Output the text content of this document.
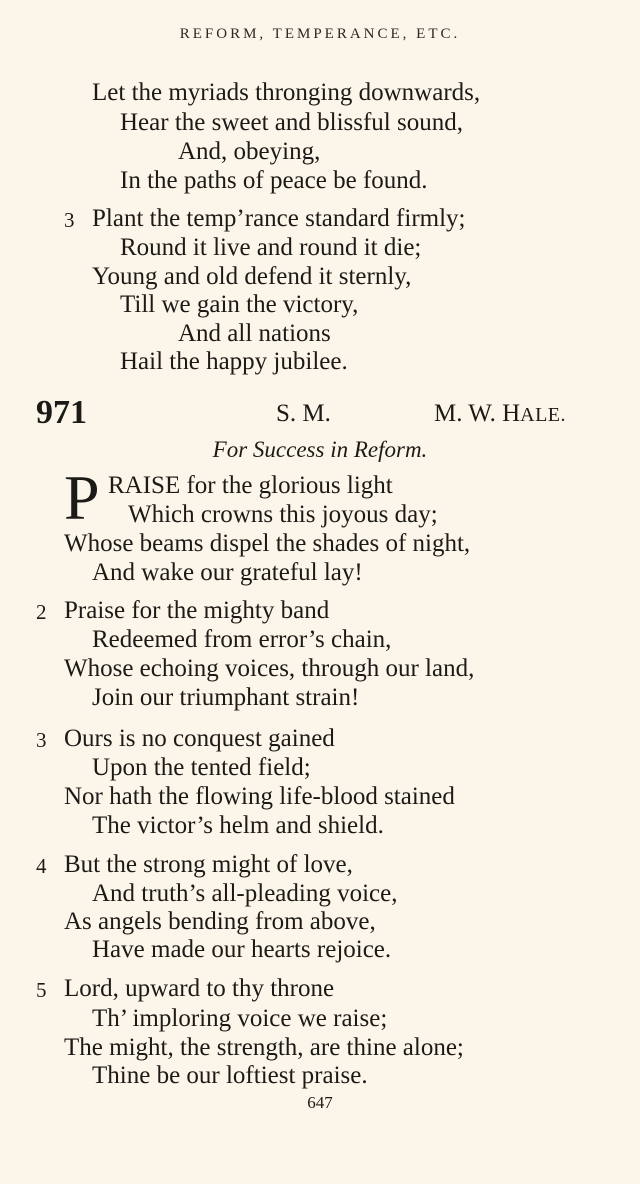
REFORM, TEMPERANCE, ETC.
Let the myriads thronging downwards,
Hear the sweet and blissful sound,
And, obeying,
In the paths of peace be found.
3 Plant the temp’rance standard firmly;
Round it live and round it die;
Young and old defend it sternly,
Till we gain the victory,
And all nations
Hail the happy jubilee.
971	S. M.	M. W. HALE.
For Success in Reform.
P RAISE for the glorious light
Which crowns this joyous day;
Whose beams dispel the shades of night,
And wake our grateful lay!
2 Praise for the mighty band
Redeemed from error’s chain,
Whose echoing voices, through our land,
Join our triumphant strain!
3 Ours is no conquest gained
Upon the tented field;
Nor hath the flowing life-blood stained
The victor’s helm and shield.
4 But the strong might of love,
And truth’s all-pleading voice,
As angels bending from above,
Have made our hearts rejoice.
5 Lord, upward to thy throne
Th’ imploring voice we raise;
The might, the strength, are thine alone;
Thine be our loftiest praise.
647
